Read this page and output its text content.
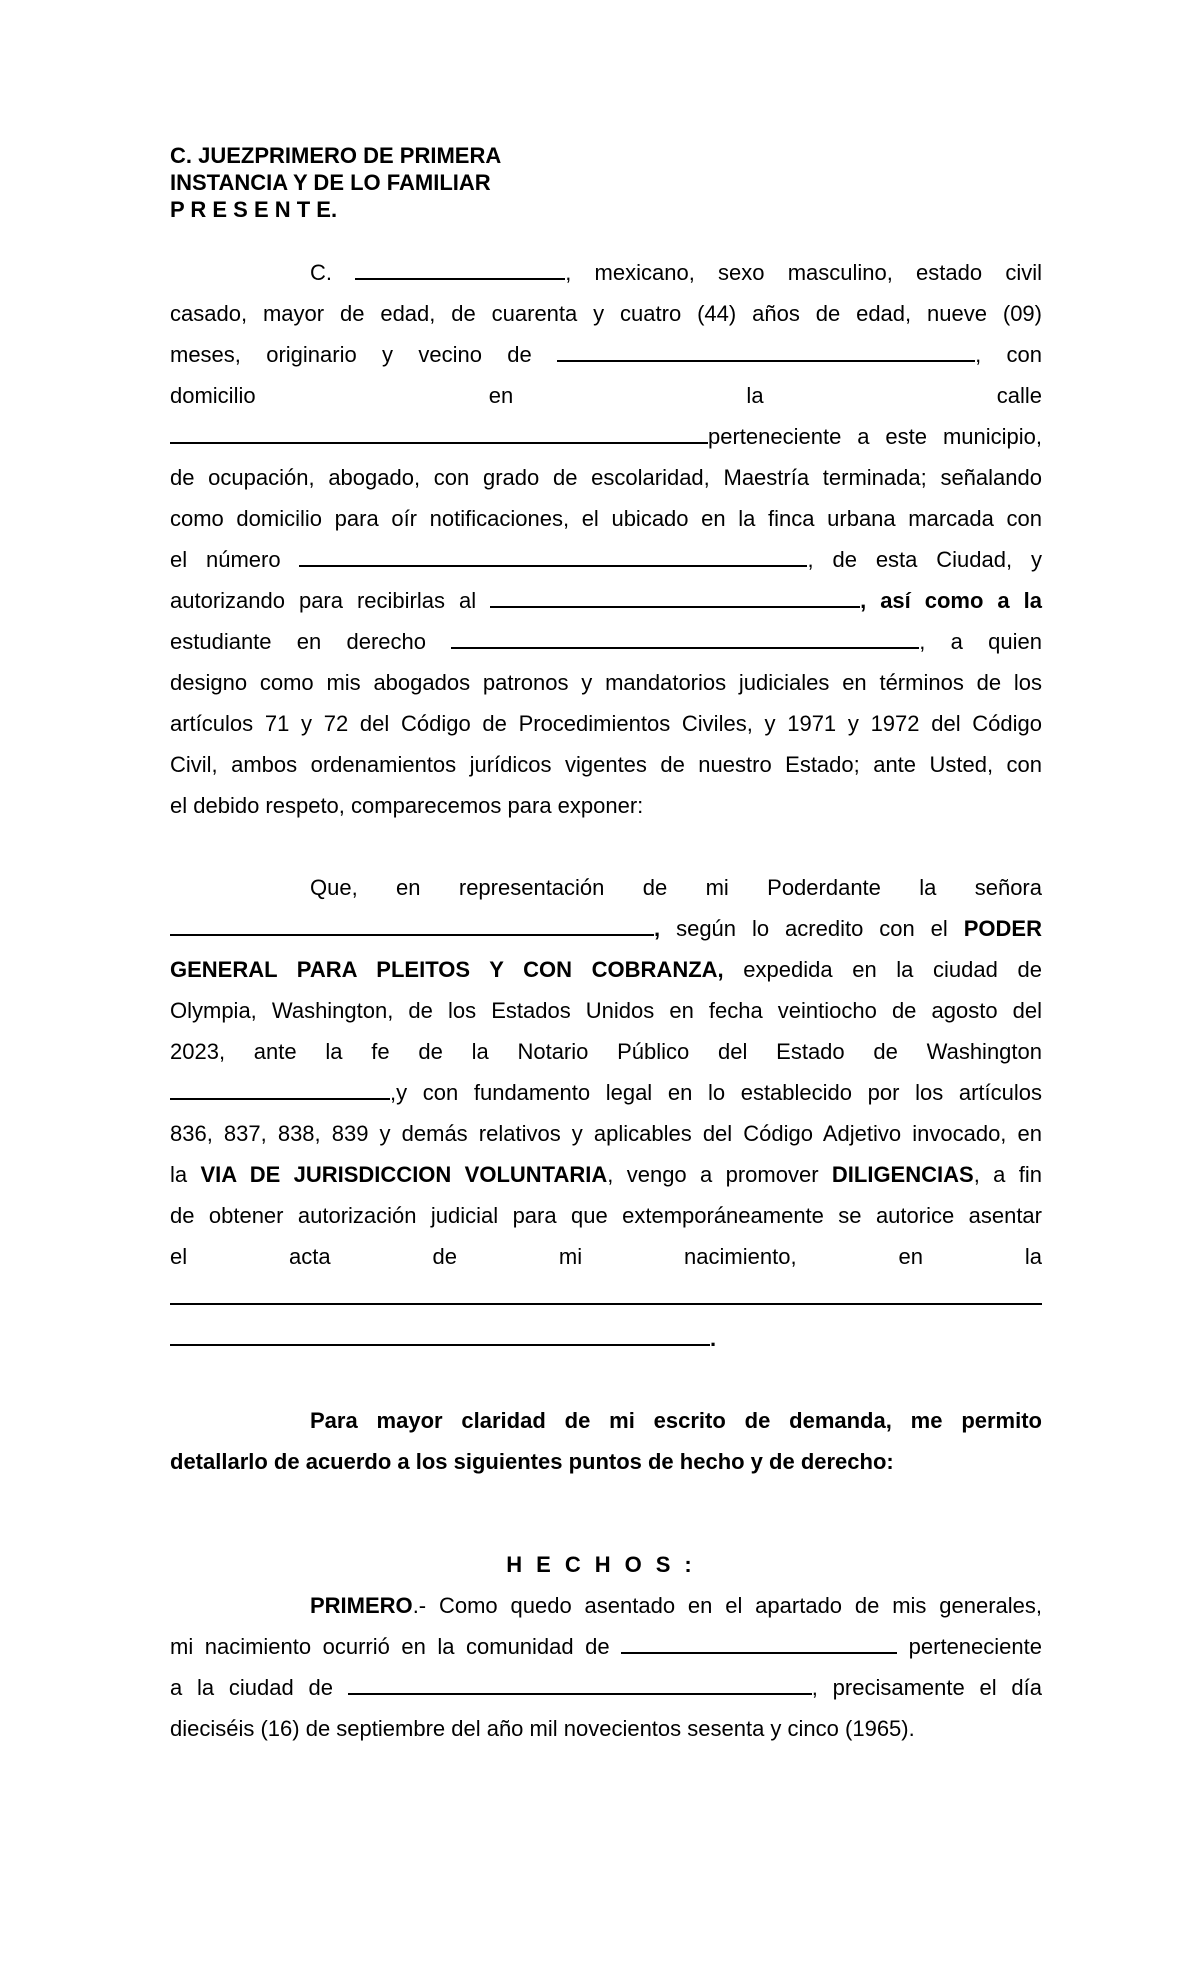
C. JUEZPRIMERO DE PRIMERA
INSTANCIA Y DE LO FAMILIAR
P R E S E N T E.
C.	, mexicano, sexo masculino, estado civil
casado, mayor de edad, de cuarenta y cuatro (44) años de edad, nueve (09)
meses, originario y vecino de	, con
domicilio en la calle
perteneciente a este municipio,
de ocupación, abogado, con grado de escolaridad, Maestría terminada; señalando
como domicilio para oír notificaciones, el ubicado en la finca urbana marcada con
el número	, de esta Ciudad, y
autorizando para recibirlas al	, así como a la
estudiante en derecho	, a quien
designo como mis abogados patronos y mandatorios judiciales en términos de los
artículos 71 y 72 del Código de Procedimientos Civiles, y 1971 y 1972 del Código
Civil, ambos ordenamientos jurídicos vigentes de nuestro Estado; ante Usted, con
el debido respeto, comparecemos para exponer:
Que, en representación de mi Poderdante la señora
, según lo acredito con el PODER
GENERAL PARA PLEITOS Y CON COBRANZA, expedida en la ciudad de
Olympia, Washington, de los Estados Unidos en fecha veintiocho de agosto del
2023, ante la fe de la Notario Público del Estado de Washington
,y con fundamento legal en lo establecido por los artículos
836, 837, 838, 839 y demás relativos y aplicables del Código Adjetivo invocado, en
la VIA DE JURISDICCION VOLUNTARIA, vengo a promover DILIGENCIAS, a fin
de obtener autorización judicial para que extemporáneamente se autorice asentar
el acta de mi nacimiento, en la
.
Para mayor claridad de mi escrito de demanda, me permito
detallarlo de acuerdo a los siguientes puntos de hecho y de derecho:
HECHOS:
PRIMERO.- Como quedo asentado en el apartado de mis generales,
mi nacimiento ocurrió en la comunidad de	perteneciente
a la ciudad de	, precisamente el día
dieciséis (16) de septiembre del año mil novecientos sesenta y cinco (1965).
